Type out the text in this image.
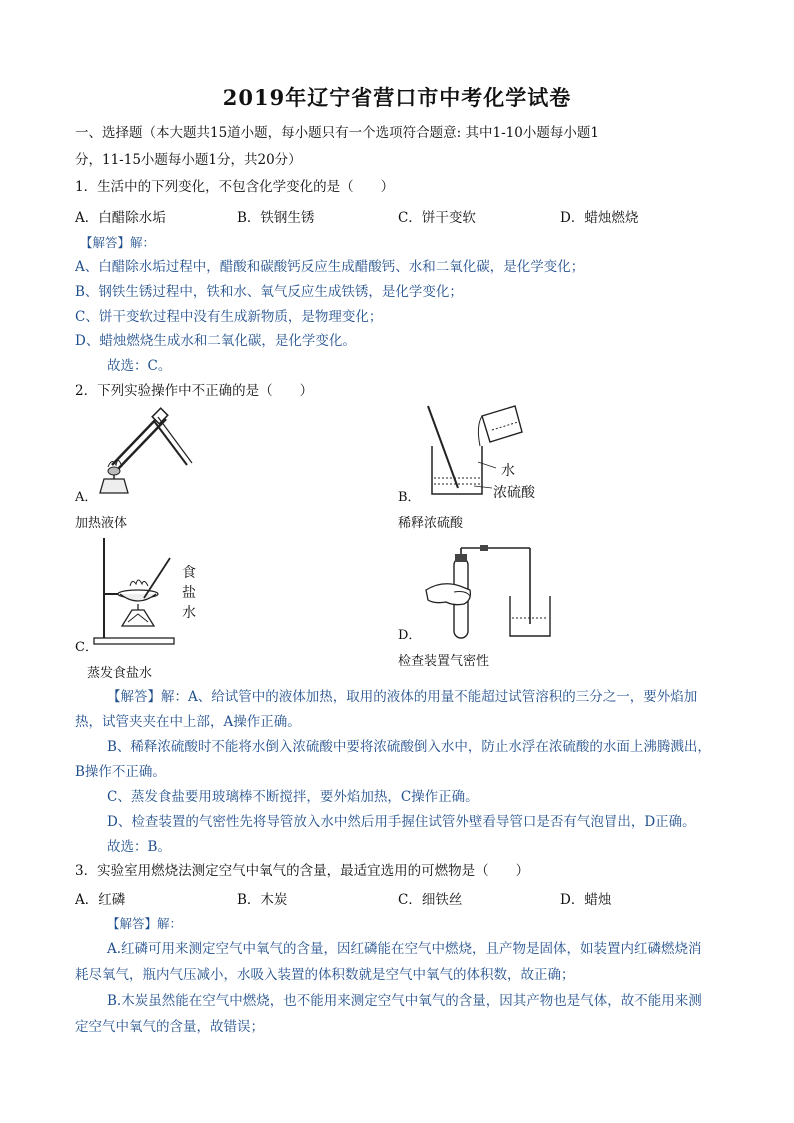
2019年辽宁省营口市中考化学试卷
一、选择题（本大题共15道小题，每小题只有一个选项符合题意: 其中1-10小题每小题1
分，11-15小题每小题1分，共20分）
1．生活中的下列变化，不包含化学变化的是（　　）
A．白醋除水垢	B．铁钢生锈	C．饼干变软	D．蜡烛燃烧
【解答】解：
A、白醋除水垢过程中，醋酸和碳酸钙反应生成醋酸钙、水和二氧化碳，是化学变化；
B、钢铁生锈过程中，铁和水、氧气反应生成铁锈，是化学变化；
C、饼干变软过程中没有生成新物质，是物理变化；
D、蜡烛燃烧生成水和二氧化碳，是化学变化。
故选：C。
2．下列实验操作中不正确的是（　　）
A．
加热液体
水
浓硫酸
B．
稀释浓硫酸
食
盐
水
C．
蒸发食盐水
D．
检查装置气密性
【解答】解：A、给试管中的液体加热，取用的液体的用量不能超过试管溶积的三分之一，要外焰加
热，试管夹夹在中上部，A操作正确。
B、稀释浓硫酸时不能将水倒入浓硫酸中要将浓硫酸倒入水中，防止水浮在浓硫酸的水面上沸腾溅出，
B操作不正确。
C、蒸发食盐要用玻璃棒不断搅拌，要外焰加热，C操作正确。
D、检查装置的气密性先将导管放入水中然后用手握住试管外壁看导管口是否有气泡冒出，D正确。
故选：B。
3．实验室用燃烧法测定空气中氧气的含量，最适宜选用的可燃物是（　　）
A．红磷	B．木炭	C．细铁丝	D．蜡烛
【解答】解：
A.红磷可用来测定空气中氧气的含量，因红磷能在空气中燃烧，且产物是固体，如装置内红磷燃烧消
耗尽氧气，瓶内气压减小，水吸入装置的体积数就是空气中氧气的体积数，故正确；
B.木炭虽然能在空气中燃烧，也不能用来测定空气中氧气的含量，因其产物也是气体，故不能用来测
定空气中氧气的含量，故错误；
